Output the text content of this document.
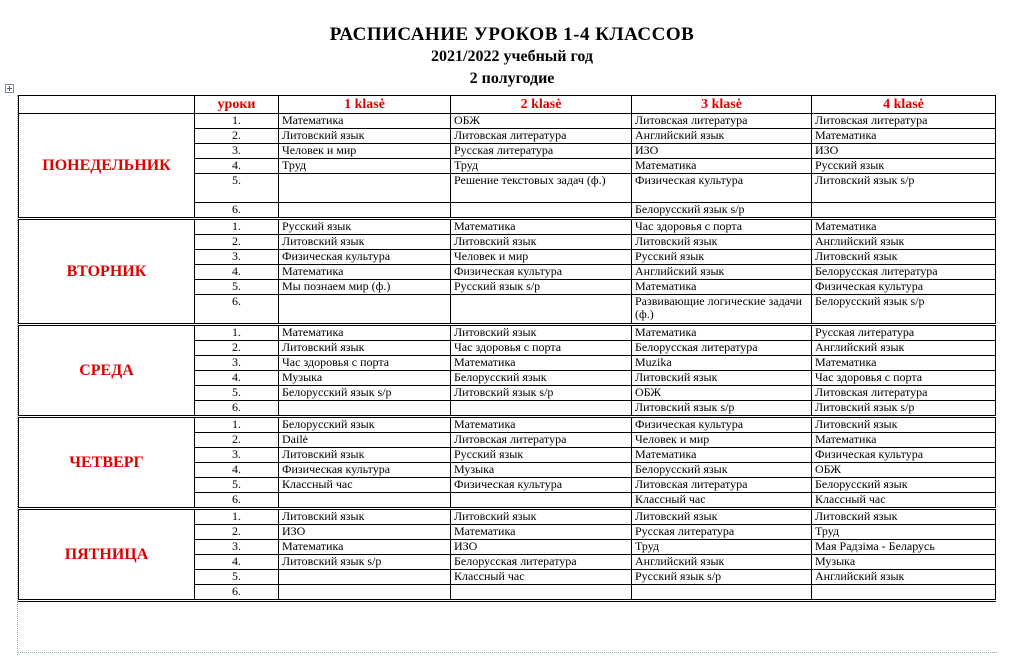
РАСПИСАНИЕ УРОКОВ 1-4 КЛАССОВ
2021/2022 учебный год
2 полугодие
	уроки	1 klasė	2 klasė	3 klasė	4 klasė
ПОНЕДЕЛЬНИК	1.	Математика	ОБЖ	Литовская литература	Литовская литература
	2.	Литовский язык	Литовская литература	Английский язык	Математика
	3.	Человек и мир	Русская литература	ИЗО	ИЗО
	4.	Труд	Труд	Математика	Русский язык
	5.		Решение текстовых задач (ф.)	Физическая культура	Литовский язык s/p
	6.			Белорусский язык s/p	
ВТОРНИК	1.	Русский язык	Математика	Час здоровья с порта	Математика
	2.	Литовский язык	Литовский язык	Литовский язык	Английский язык
	3.	Физическая культура	Человек и мир	Русский язык	Литовский язык
	4.	Математика	Физическая культура	Английский язык	Белорусская литература
	5.	Мы познаем мир (ф.)	Русский язык s/p	Математика	Физическая культура
	6.			Развивающие логические задачи (ф.)	Белорусский язык s/p
СРЕДА	1.	Математика	Литовский язык	Математика	Русская литература
	2.	Литовский язык	Час здоровья с порта	Белорусская литература	Английский язык
	3.	Час здоровья с порта	Математика	Muzika	Математика
	4.	Музыка	Белорусский язык	Литовский язык	Час здоровья с порта
	5.	Белорусский язык s/p	Литовский язык s/p	ОБЖ	Литовская литература
	6.			Литовский язык s/p	Литовский язык s/p
ЧЕТВЕРГ	1.	Белорусский язык	Математика	Физическая культура	Литовский язык
	2.	Dailė	Литовская литература	Человек и мир	Математика
	3.	Литовский язык	Русский язык	Математика	Физическая культура
	4.	Физическая культура	Музыка	Белорусский язык	ОБЖ
	5.	Классный час	Физическая культура	Литовская литература	Белорусский язык
	6.			Классный час	Классный час
ПЯТНИЦА	1.	Литовский язык	Литовский язык	Литовский язык	Литовский язык
	2.	ИЗО	Математика	Русская литература	Труд
	3.	Математика	ИЗО	Труд	Мая Радзіма - Беларусь
	4.	Литовский язык s/p	Белорусская литература	Английский язык	Музыка
	5.		Классный час	Русский язык s/p	Английский язык
	6.				
